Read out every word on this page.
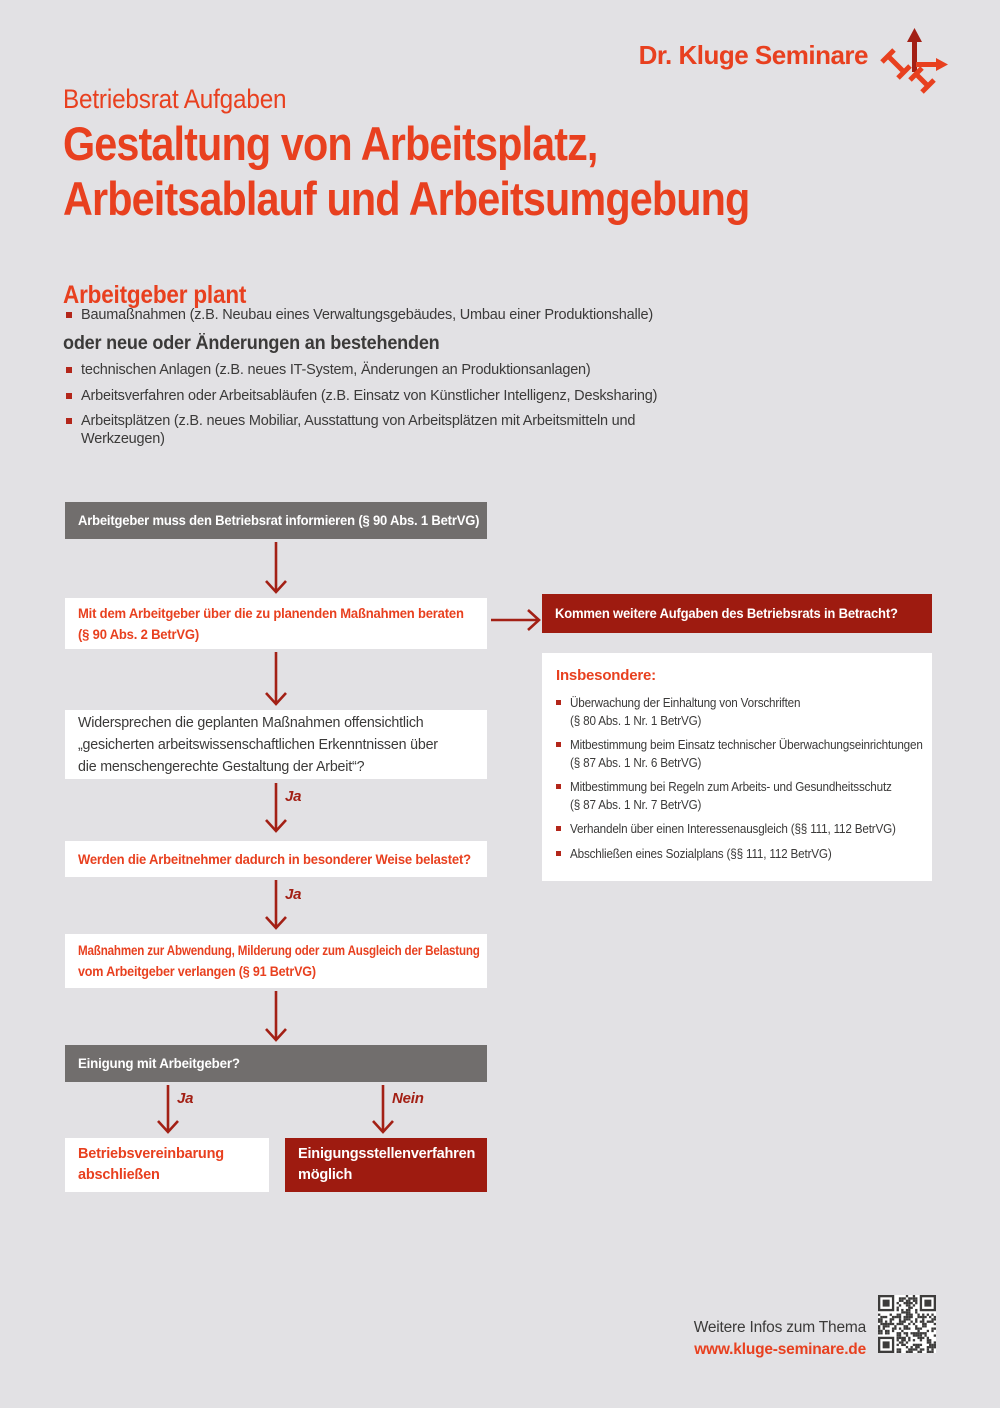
Dr. Kluge Seminare
Betriebsrat Aufgaben
Gestaltung von Arbeitsplatz,
Arbeitsablauf und Arbeitsumgebung
Arbeitgeber plant
Baumaßnahmen (z.B. Neubau eines Verwaltungsgebäudes, Umbau einer Produktionshalle)
oder neue oder Änderungen an bestehenden
technischen Anlagen (z.B. neues IT-System, Änderungen an Produktionsanlagen)
Arbeitsverfahren oder Arbeitsabläufen (z.B. Einsatz von Künstlicher Intelligenz, Desksharing)
Arbeitsplätzen (z.B. neues Mobiliar, Ausstattung von Arbeitsplätzen mit Arbeitsmitteln und Werkzeugen)
Arbeitgeber muss den Betriebsrat informieren (§ 90 Abs. 1 BetrVG)
Mit dem Arbeitgeber über die zu planenden Maßnahmen beraten
(§ 90 Abs. 2 BetrVG)
Kommen weitere Aufgaben des Betriebsrats in Betracht?
Insbesondere:
Überwachung der Einhaltung von Vorschriften
(§ 80 Abs. 1 Nr. 1 BetrVG)
Mitbestimmung beim Einsatz technischer Überwachungseinrichtungen
(§ 87 Abs. 1 Nr. 6 BetrVG)
Mitbestimmung bei Regeln zum Arbeits- und Gesundheitsschutz
(§ 87 Abs. 1 Nr. 7 BetrVG)
Verhandeln über einen Interessenausgleich (§§ 111, 112 BetrVG)
Abschließen eines Sozialplans (§§ 111, 112 BetrVG)
Widersprechen die geplanten Maßnahmen offensichtlich
„gesicherten arbeitswissenschaftlichen Erkenntnissen über
die menschengerechte Gestaltung der Arbeit“?
Ja
Werden die Arbeitnehmer dadurch in besonderer Weise belastet?
Ja
Maßnahmen zur Abwendung, Milderung oder zum Ausgleich der Belastung
vom Arbeitgeber verlangen (§ 91 BetrVG)
Einigung mit Arbeitgeber?
Ja	Nein
Betriebsvereinbarung
abschließen
Einigungsstellenverfahren
möglich
Weitere Infos zum Thema
www.kluge-seminare.de
